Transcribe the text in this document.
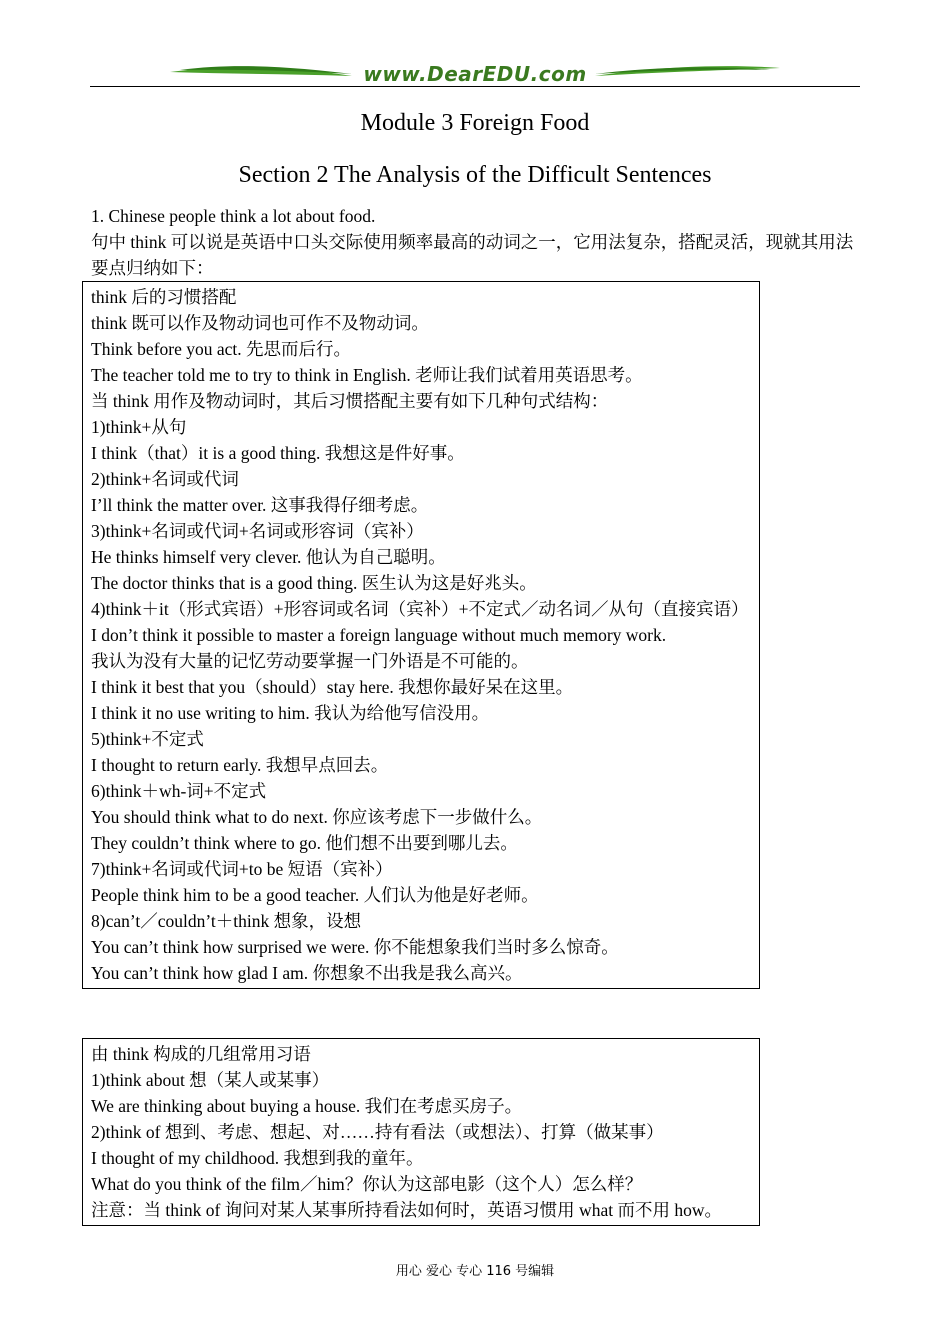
www.DearEDU.com
Module 3 Foreign Food
Section 2 The Analysis of the Difficult Sentences
1. Chinese people think a lot about food.
句中 think 可以说是英语中口头交际使用频率最高的动词之一，它用法复杂，搭配灵活，现就其用法要点归纳如下：
think 后的习惯搭配
think 既可以作及物动词也可作不及物动词。
Think before you act. 先思而后行。
The teacher told me to try to think in English. 老师让我们试着用英语思考。
当 think 用作及物动词时，其后习惯搭配主要有如下几种句式结构：
1)think+从句
I think（that）it is a good thing. 我想这是件好事。
2)think+名词或代词
I’ll think the matter over. 这事我得仔细考虑。
3)think+名词或代词+名词或形容词（宾补）
He thinks himself very clever. 他认为自己聪明。
The doctor thinks that is a good thing. 医生认为这是好兆头。
4)think＋it（形式宾语）+形容词或名词（宾补）+不定式／动名词／从句（直接宾语）
I don’t think it possible to master a foreign language without much memory work.
我认为没有大量的记忆劳动要掌握一门外语是不可能的。
I think it best that you（should）stay here. 我想你最好呆在这里。
I think it no use writing to him. 我认为给他写信没用。
5)think+不定式
I thought to return early. 我想早点回去。
6)think＋wh-词+不定式
You should think what to do next. 你应该考虑下一步做什么。
They couldn’t think where to go. 他们想不出要到哪儿去。
7)think+名词或代词+to be 短语（宾补）
People think him to be a good teacher. 人们认为他是好老师。
8)can’t／couldn’t＋think 想象，设想
You can’t think how surprised we were. 你不能想象我们当时多么惊奇。
You can’t think how glad I am. 你想象不出我是我么高兴。
由 think 构成的几组常用习语
1)think about 想（某人或某事）
We are thinking about buying a house. 我们在考虑买房子。
2)think of 想到、考虑、想起、对……持有看法（或想法）、打算（做某事）
I thought of my childhood. 我想到我的童年。
What do you think of the film／him？你认为这部电影（这个人）怎么样？
注意：当 think of 询问对某人某事所持看法如何时，英语习惯用 what 而不用 how。
用心 爱心 专心 116 号编辑
